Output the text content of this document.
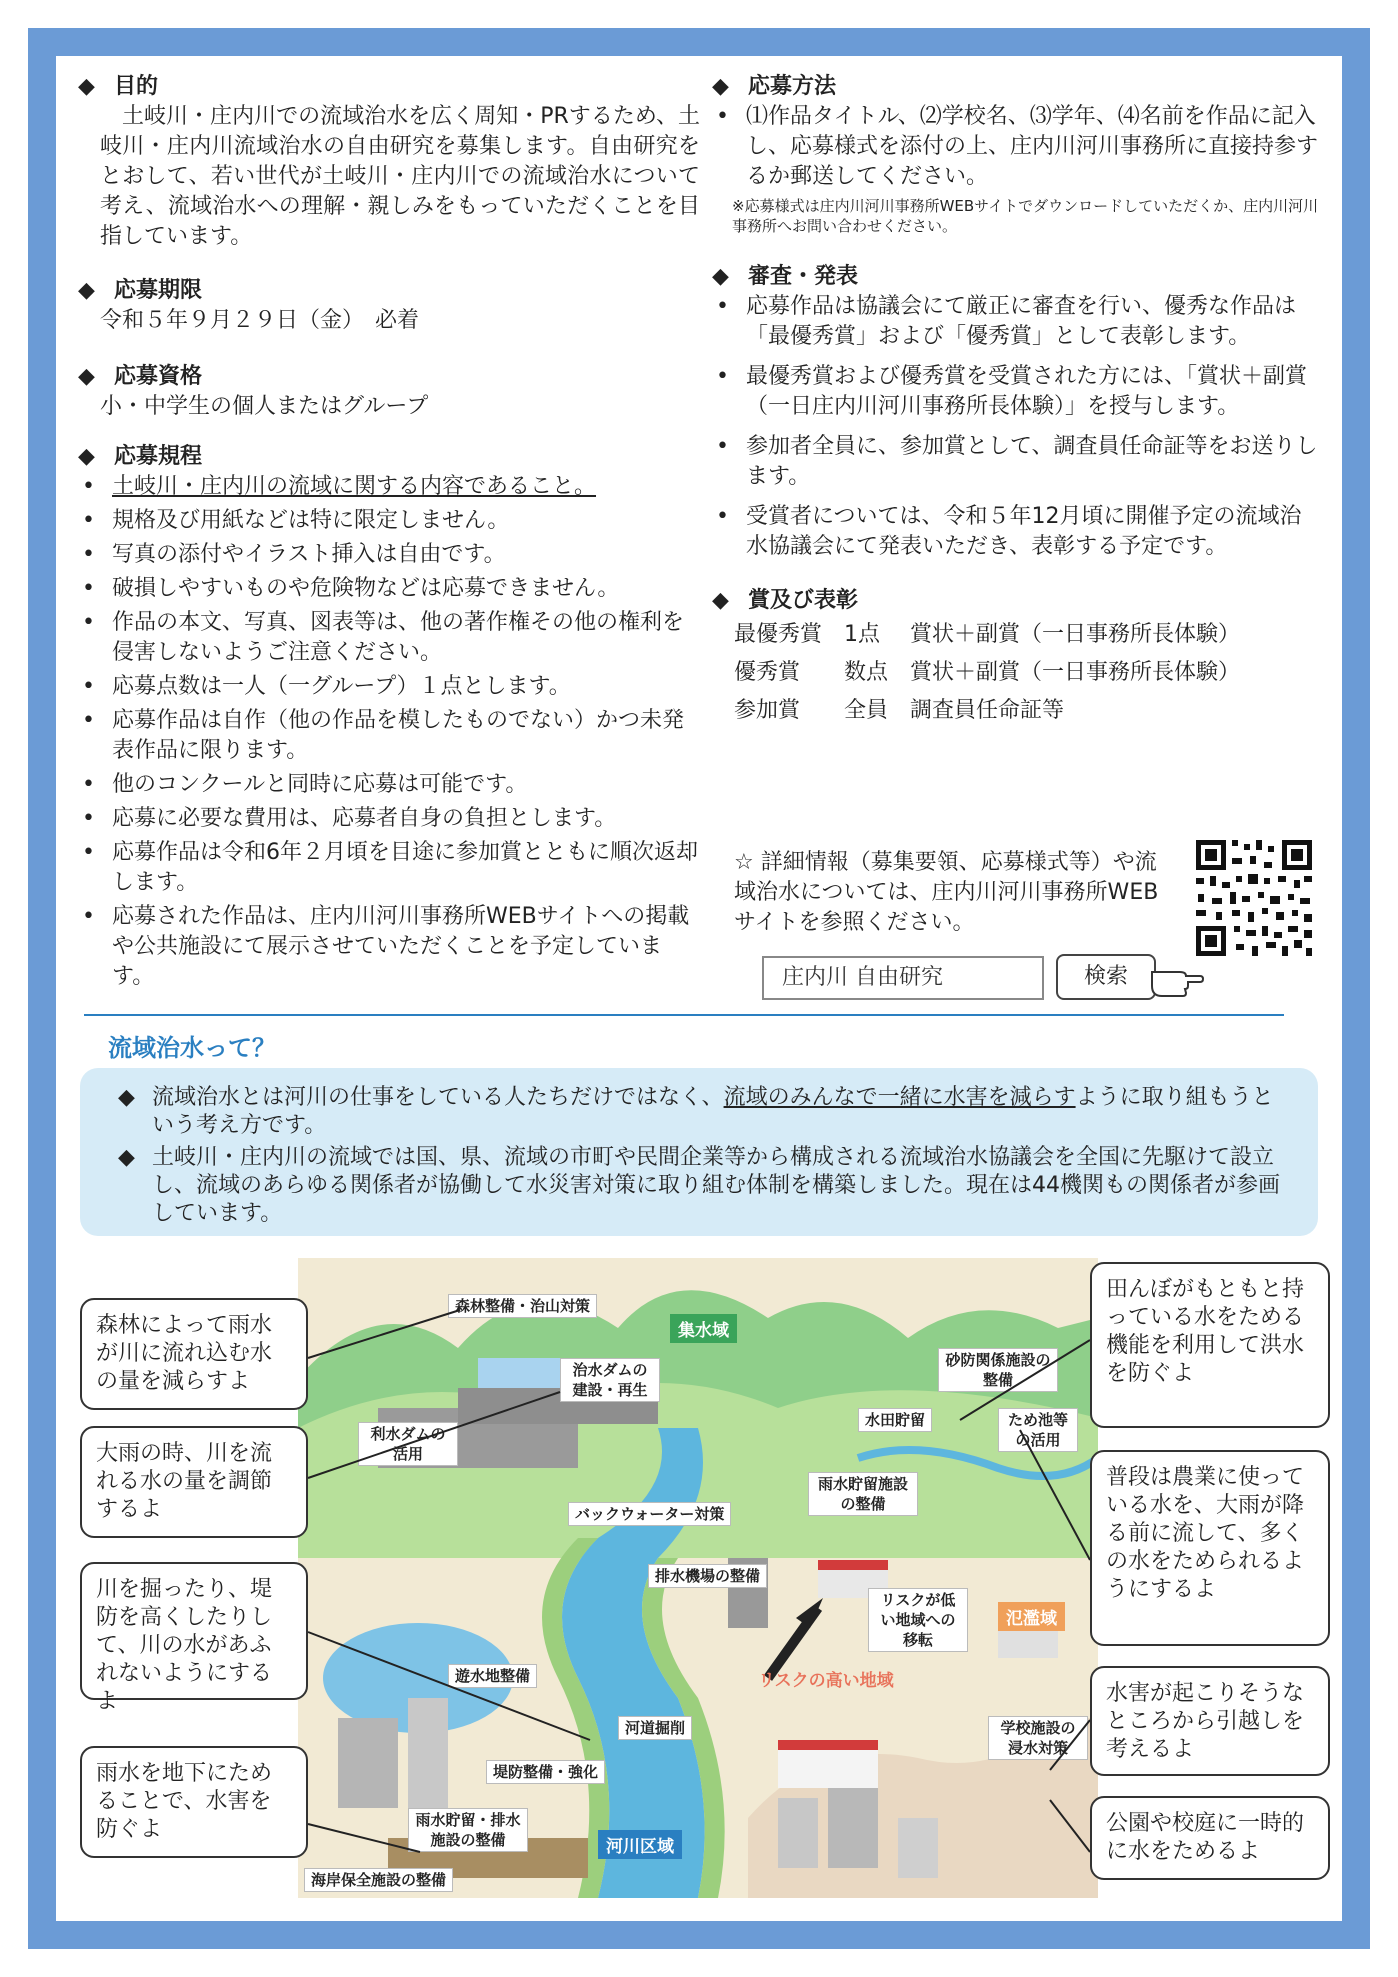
◆ 目的
土岐川・庄内川での流域治水を広く周知・PRするため、土岐川・庄内川流域治水の自由研究を募集します。自由研究をとおして、若い世代が土岐川・庄内川での流域治水について考え、流域治水への理解・親しみをもっていただくことを目指しています。
◆ 応募期限
令和５年９月２９日（金）　必着
◆ 応募資格
小・中学生の個人またはグループ
◆ 応募規程
• 土岐川・庄内川の流域に関する内容であること。
• 規格及び用紙などは特に限定しません。
• 写真の添付やイラスト挿入は自由です。
• 破損しやすいものや危険物などは応募できません。
• 作品の本文、写真、図表等は、他の著作権その他の権利を侵害しないようご注意ください。
• 応募点数は一人（一グループ）１点とします。
• 応募作品は自作（他の作品を模したものでない）かつ未発表作品に限ります。
• 他のコンクールと同時に応募は可能です。
• 応募に必要な費用は、応募者自身の負担とします。
• 応募作品は令和6年２月頃を目途に参加賞とともに順次返却します。
• 応募された作品は、庄内川河川事務所WEBサイトへの掲載や公共施設にて展示させていただくことを予定しています。
◆ 応募方法
• ⑴作品タイトル、⑵学校名、⑶学年、⑷名前を作品に記入し、応募様式を添付の上、庄内川河川事務所に直接持参するか郵送してください。
※応募様式は庄内川河川事務所WEBサイトでダウンロードしていただくか、庄内川河川事務所へお問い合わせください。
◆ 審査・発表
• 応募作品は協議会にて厳正に審査を行い、優秀な作品は「最優秀賞」および「優秀賞」として表彰します。
• 最優秀賞および優秀賞を受賞された方には、「賞状＋副賞（一日庄内川河川事務所長体験）」を授与します。
• 参加者全員に、参加賞として、調査員任命証等をお送りします。
• 受賞者については、令和５年12月頃に開催予定の流域治水協議会にて発表いただき、表彰する予定です。
◆ 賞及び表彰
最優秀賞	1点	賞状＋副賞（一日事務所長体験）
優秀賞	数点	賞状＋副賞（一日事務所長体験）
参加賞	全員	調査員任命証等
☆ 詳細情報（募集要領、応募様式等）や流域治水については、庄内川河川事務所WEBサイトを参照ください。
庄内川 自由研究	検索
流域治水って？
◆ 流域治水とは河川の仕事をしている人たちだけではなく、流域のみんなで一緒に水害を減らすように取り組もうという考え方です。
◆ 土岐川・庄内川の流域では国、県、流域の市町や民間企業等から構成される流域治水協議会を全国に先駆けて設立し、流域のあらゆる関係者が協働して水災害対策に取り組む体制を構築しました。現在は44機関もの関係者が参画しています。
集水域
氾濫域
河川区域
リスクの高い地域
森林整備・治山対策
治水ダムの建設・再生
利水ダムの活用
砂防関係施設の整備
水田貯留	ため池等の活用
雨水貯留施設の整備
バックウォーター対策
排水機場の整備
リスクが低い地域への移転
遊水地整備
河道掘削
堤防整備・強化
学校施設の浸水対策
雨水貯留・排水施設の整備
海岸保全施設の整備
森林によって雨水が川に流れ込む水の量を減らすよ
大雨の時、川を流れる水の量を調節するよ
川を掘ったり、堤防を高くしたりして、川の水があふれないようにするよ
雨水を地下にためることで、水害を防ぐよ
田んぼがもともと持っている水をためる機能を利用して洪水を防ぐよ
普段は農業に使っている水を、大雨が降る前に流して、多くの水をためられるようにするよ
水害が起こりそうなところから引越しを考えるよ
公園や校庭に一時的に水をためるよ
